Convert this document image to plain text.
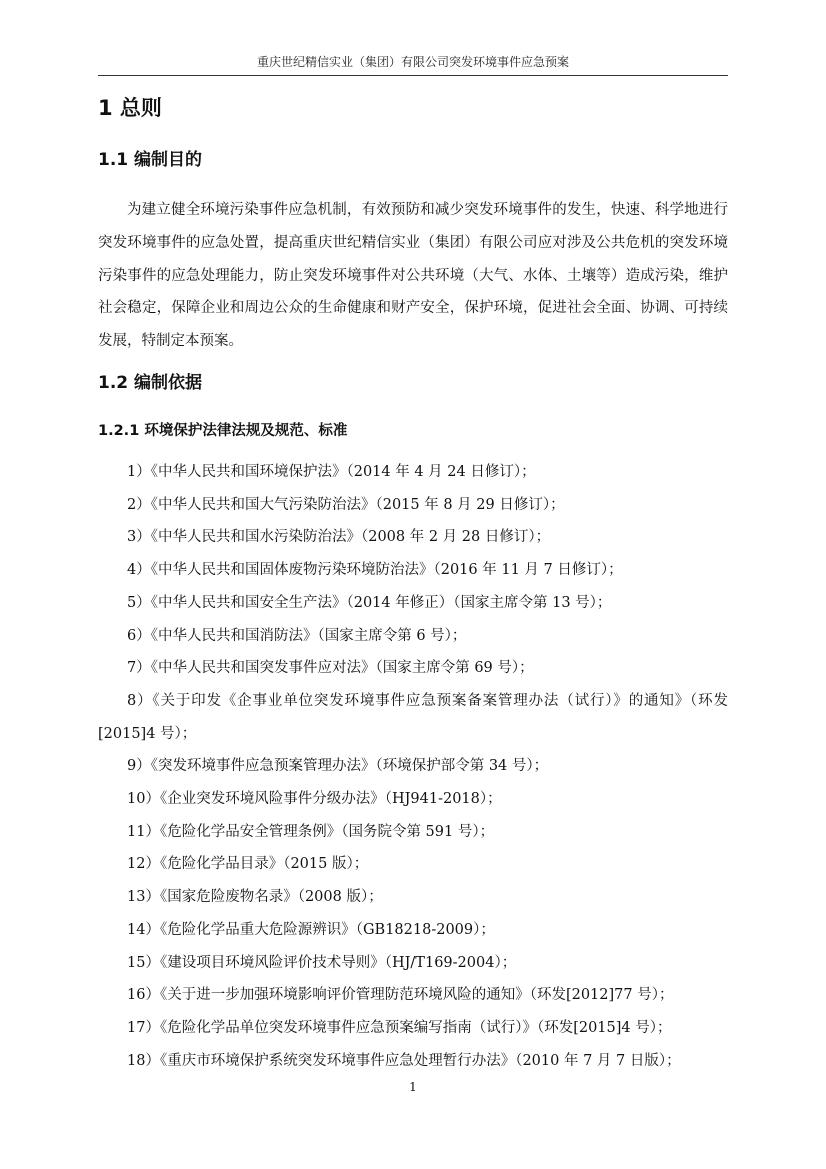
重庆世纪精信实业（集团）有限公司突发环境事件应急预案
1 总则
1.1 编制目的

为建立健全环境污染事件应急机制，有效预防和减少突发环境事件的发生，快速、科学地进行突发环境事件的应急处置，提高重庆世纪精信实业（集团）有限公司应对涉及公共危机的突发环境污染事件的应急处理能力，防止突发环境事件对公共环境（大气、水体、土壤等）造成污染，维护社会稳定，保障企业和周边公众的生命健康和财产安全，保护环境，促进社会全面、协调、可持续发展，特制定本预案。

1.2 编制依据
1.2.1 环境保护法律法规及规范、标准
1）《中华人民共和国环境保护法》（2014 年 4 月 24 日修订）；
2）《中华人民共和国大气污染防治法》（2015 年 8 月 29 日修订）；
3）《中华人民共和国水污染防治法》（2008 年 2 月 28 日修订）；
4）《中华人民共和国固体废物污染环境防治法》（2016 年 11 月 7 日修订）；
5）《中华人民共和国安全生产法》（2014 年修正）（国家主席令第 13 号）；
6）《中华人民共和国消防法》（国家主席令第 6 号）；
7）《中华人民共和国突发事件应对法》（国家主席令第 69 号）；
8）《关于印发《企事业单位突发环境事件应急预案备案管理办法（试行）》的通知》（环发[2015]4 号）；
9）《突发环境事件应急预案管理办法》（环境保护部令第 34 号）；
10）《企业突发环境风险事件分级办法》（HJ941-2018）；
11）《危险化学品安全管理条例》（国务院令第 591 号）；
12）《危险化学品目录》（2015 版）；
13）《国家危险废物名录》（2008 版）；
14）《危险化学品重大危险源辨识》（GB18218-2009）；
15）《建设项目环境风险评价技术导则》（HJ/T169-2004）；
16）《关于进一步加强环境影响评价管理防范环境风险的通知》（环发[2012]77 号）；
17）《危险化学品单位突发环境事件应急预案编写指南（试行）》（环发[2015]4 号）；
18）《重庆市环境保护系统突发环境事件应急处理暂行办法》（2010 年 7 月 7 日版）；
1
